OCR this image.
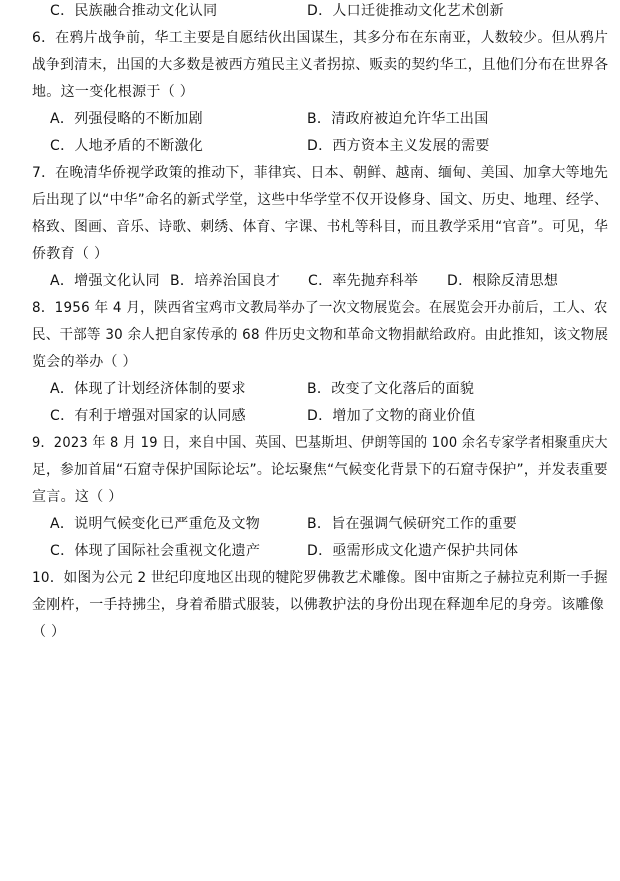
C．民族融合推动文化认同	D．人口迁徙推动文化艺术创新
6．在鸦片战争前，华工主要是自愿结伙出国谋生，其多分布在东南亚，人数较少。但从鸦片
战争到清末，出国的大多数是被西方殖民主义者拐掠、贩卖的契约华工，且他们分布在世界各
地。这一变化根源于（ ）
A．列强侵略的不断加剧	B．清政府被迫允许华工出国
C．人地矛盾的不断激化	D．西方资本主义发展的需要
7．在晚清华侨视学政策的推动下，菲律宾、日本、朝鲜、越南、缅甸、美国、加拿大等地先
后出现了以“中华”命名的新式学堂，这些中华学堂不仅开设修身、国文、历史、地理、经学、
格致、图画、音乐、诗歌、刺绣、体育、字课、书札等科目，而且教学采用“官音”。可见，华
侨教育（ ）
A．增强文化认同 B．培养治国良才 C．率先抛弃科举 D．根除反清思想
8．1956 年 4 月，陕西省宝鸡市文教局举办了一次文物展览会。在展览会开办前后，工人、农
民、干部等 30 余人把自家传承的 68 件历史文物和革命文物捐献给政府。由此推知，该文物展
览会的举办（ ）
A．体现了计划经济体制的要求	B．改变了文化落后的面貌
C．有利于增强对国家的认同感	D．增加了文物的商业价值
9．2023 年 8 月 19 日，来自中国、英国、巴基斯坦、伊朗等国的 100 余名专家学者相聚重庆大
足，参加首届“石窟寺保护国际论坛”。论坛聚焦“气候变化背景下的石窟寺保护”，并发表重要
宣言。这（ ）
A．说明气候变化已严重危及文物	B．旨在强调气候研究工作的重要
C．体现了国际社会重视文化遗产	D．亟需形成文化遗产保护共同体
10．如图为公元 2 世纪印度地区出现的犍陀罗佛教艺术雕像。图中宙斯之子赫拉克利斯一手握
金刚杵，一手持拂尘，身着希腊式服装，以佛教护法的身份出现在释迦牟尼的身旁。该雕像
（ ）
